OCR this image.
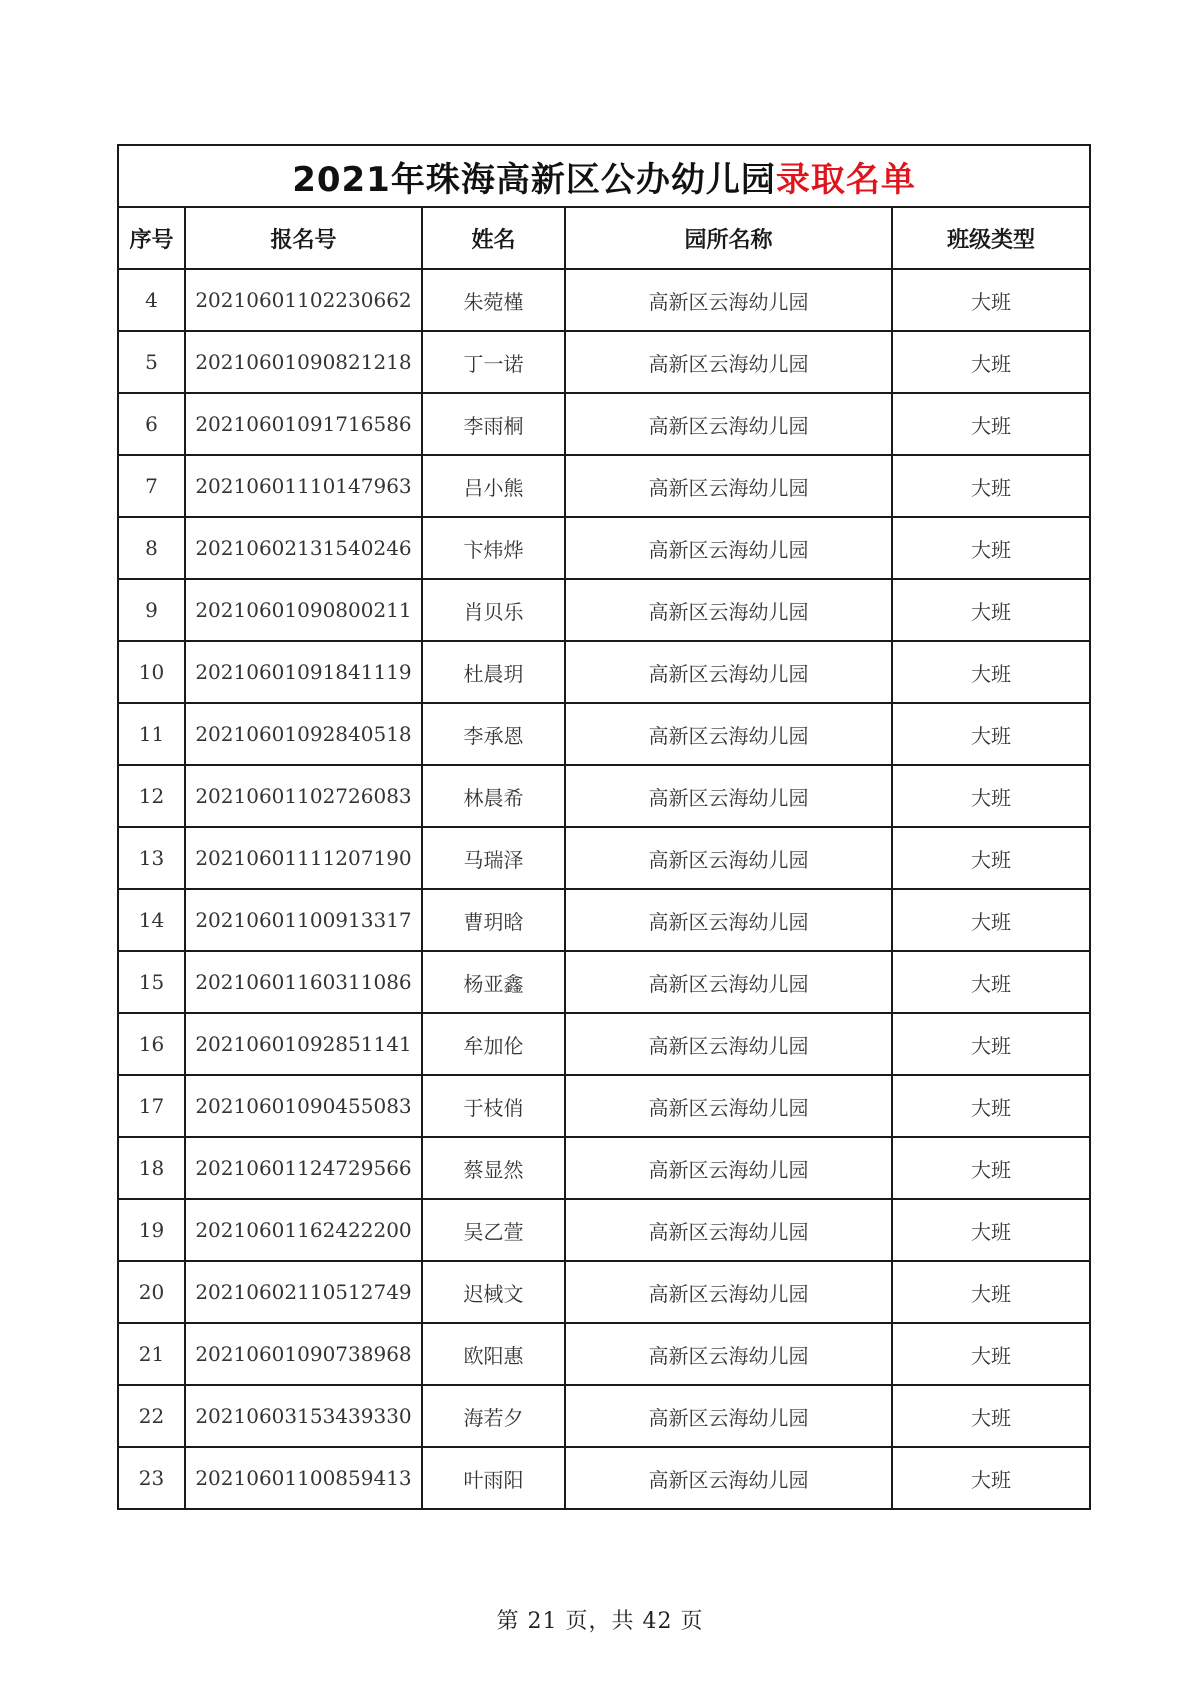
2021年珠海高新区公办幼儿园录取名单				
序号	报名号	姓名	园所名称	班级类型
4	20210601102230662	朱菀槿	高新区云海幼儿园	大班
5	20210601090821218	丁一诺	高新区云海幼儿园	大班
6	20210601091716586	李雨桐	高新区云海幼儿园	大班
7	20210601110147963	吕小熊	高新区云海幼儿园	大班
8	20210602131540246	卞炜烨	高新区云海幼儿园	大班
9	20210601090800211	肖贝乐	高新区云海幼儿园	大班
10	20210601091841119	杜晨玥	高新区云海幼儿园	大班
11	20210601092840518	李承恩	高新区云海幼儿园	大班
12	20210601102726083	林晨希	高新区云海幼儿园	大班
13	20210601111207190	马瑞泽	高新区云海幼儿园	大班
14	20210601100913317	曹玥晗	高新区云海幼儿园	大班
15	20210601160311086	杨亚鑫	高新区云海幼儿园	大班
16	20210601092851141	牟加伦	高新区云海幼儿园	大班
17	20210601090455083	于枝俏	高新区云海幼儿园	大班
18	20210601124729566	蔡显然	高新区云海幼儿园	大班
19	20210601162422200	吴乙萱	高新区云海幼儿园	大班
20	20210602110512749	迟棫文	高新区云海幼儿园	大班
21	20210601090738968	欧阳惠	高新区云海幼儿园	大班
22	20210603153439330	海若夕	高新区云海幼儿园	大班
23	20210601100859413	叶雨阳	高新区云海幼儿园	大班
第 21 页，共 42 页
